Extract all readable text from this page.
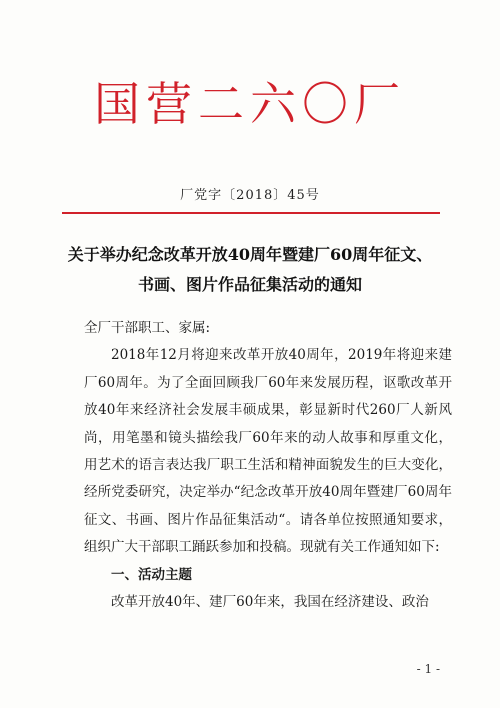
国营二六〇厂
厂党字〔2018〕45号
关于举办纪念改革开放40周年暨建厂60周年征文、
书画、图片作品征集活动的通知

全厂干部职工、家属:

2018年12月将迎来改革开放40周年，2019年将迎来建厂60周年。为了全面回顾我厂60年来发展历程，讴歌改革开放40年来经济社会发展丰硕成果，彰显新时代260厂人新风尚，用笔墨和镜头描绘我厂60年来的动人故事和厚重文化，用艺术的语言表达我厂职工生活和精神面貌发生的巨大变化，经所党委研究，决定举办“纪念改革开放40周年暨建厂60周年征文、书画、图片作品征集活动“。请各单位按照通知要求，组织广大干部职工踊跃参加和投稿。现就有关工作通知如下:

一、活动主题

改革开放40年、建厂60年来，我国在经济建设、政治

- 1 -
